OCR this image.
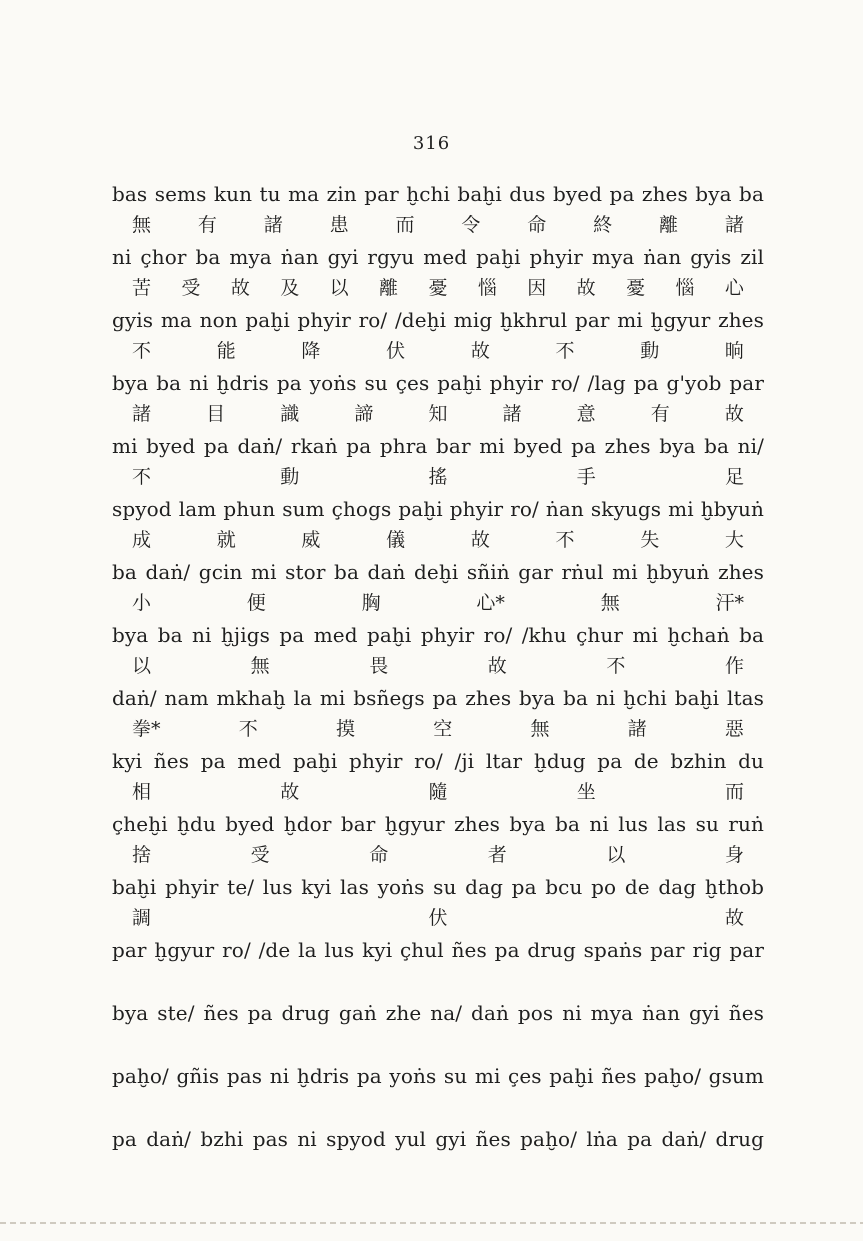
316
bas sems kun tu ma zin par ḫchi baḫi dus byed pa zhes bya ba
無 有 諸 患 而 令 命 終 離 諸
ni çhor ba mya ṅan gyi rgyu med paḫi phyir mya ṅan gyis zil
苦 受 故 及 以 離 憂 惱 因 故 憂 惱 心
gyis ma non paḫi phyir ro/ /deḫi mig ḫkhrul par mi ḫgyur zhes
不	能	降	伏	故	不	動	晌
bya ba ni ḫdris pa yoṅs su çes paḫi phyir ro/ /lag pa g'yob par
諸	目	識	諦	知	諸	意	有	故
mi byed pa daṅ/ rkaṅ pa phra bar mi byed pa zhes bya ba ni/
不	動	搖	手	足
spyod lam phun sum çhogs paḫi phyir ro/ ṅan skyugs mi ḫbyuṅ
成	就	威	儀	故	不	失	大
ba daṅ/ gcin mi stor ba daṅ deḫi sñiṅ gar rṅul mi ḫbyuṅ zhes
小	便	胸	心*	無	汗*
bya ba ni ḫjigs pa med paḫi phyir ro/ /khu çhur mi ḫchaṅ ba
以	無	畏	故	不	作
daṅ/ nam mkhaḫ la mi bsñegs pa zhes bya ba ni ḫchi baḫi ltas
拳*	不	摸	空	無	諸	惡
kyi ñes pa med paḫi phyir ro/ /ji ltar ḫdug pa de bzhin du
相	故	隨	坐	而
çheḫi ḫdu byed ḫdor bar ḫgyur zhes bya ba ni lus las su ruṅ
捨	受	命	者	以	身
baḫi phyir te/ lus kyi las yoṅs su dag pa bcu po de dag ḫthob
調	伏	故
par ḫgyur ro/ /de la lus kyi çhul ñes pa drug spaṅs par rig par
bya ste/ ñes pa drug gaṅ zhe na/ daṅ pos ni mya ṅan gyi ñes
paḫo/ gñis pas ni ḫdris pa yoṅs su mi çes paḫi ñes paḫo/ gsum
pa daṅ/ bzhi pas ni spyod yul gyi ñes paḫo/ lṅa pa daṅ/ drug
